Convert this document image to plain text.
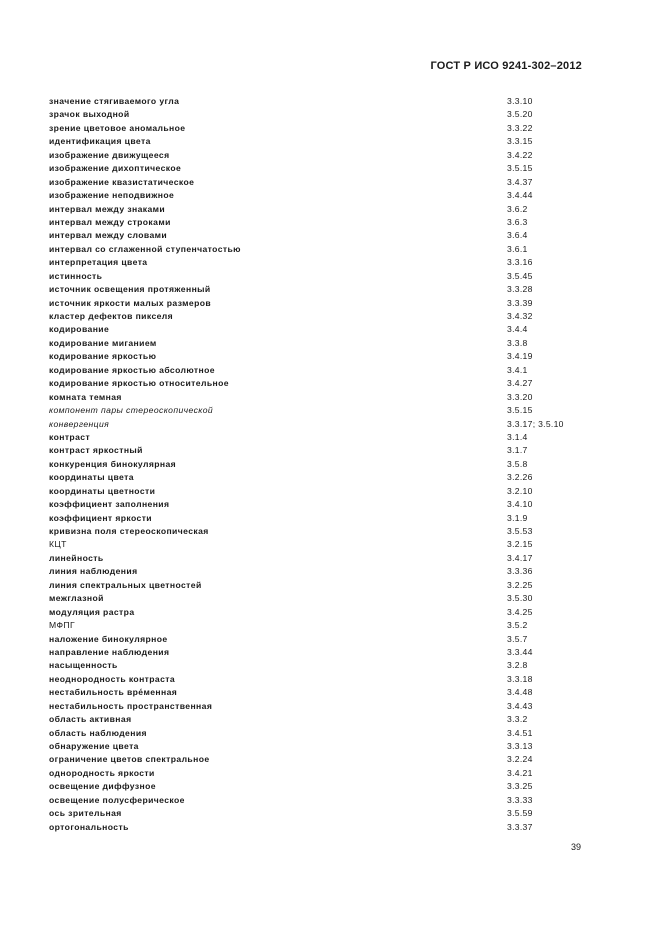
ГОСТ Р ИСО 9241-302–2012
значение стягиваемого угла	3.3.10
зрачок выходной	3.5.20
зрение цветовое аномальное	3.3.22
идентификация цвета	3.3.15
изображение движущееся	3.4.22
изображение дихоптическое	3.5.15
изображение квазистатическое	3.4.37
изображение неподвижное	3.4.44
интервал между знаками	3.6.2
интервал между строками	3.6.3
интервал между словами	3.6.4
интервал со сглаженной ступенчатостью	3.6.1
интерпретация цвета	3.3.16
истинность	3.5.45
источник освещения протяженный	3.3.28
источник яркости малых размеров	3.3.39
кластер дефектов пикселя	3.4.32
кодирование	3.4.4
кодирование миганием	3.3.8
кодирование яркостью	3.4.19
кодирование яркостью абсолютное	3.4.1
кодирование яркостью относительное	3.4.27
комната темная	3.3.20
компонент пары стереоскопической	3.5.15
конвергенция	3.3.17; 3.5.10
контраст	3.1.4
контраст яркостный	3.1.7
конкуренция бинокулярная	3.5.8
координаты цвета	3.2.26
координаты цветности	3.2.10
коэффициент заполнения	3.4.10
коэффициент яркости	3.1.9
кривизна поля стереоскопическая	3.5.53
КЦТ	3.2.15
линейность	3.4.17
линия наблюдения	3.3.36
линия спектральных цветностей	3.2.25
межглазной	3.5.30
модуляция растра	3.4.25
МФПГ	3.5.2
наложение бинокулярное	3.5.7
направление наблюдения	3.3.44
насыщенность	3.2.8
неоднородность контраста	3.3.18
нестабильность вре́менная	3.4.48
нестабильность пространственная	3.4.43
область активная	3.3.2
область наблюдения	3.4.51
обнаружение цвета	3.3.13
ограничение цветов спектральное	3.2.24
однородность яркости	3.4.21
освещение диффузное	3.3.25
освещение полусферическое	3.3.33
ось зрительная	3.5.59
ортогональность	3.3.37
39
